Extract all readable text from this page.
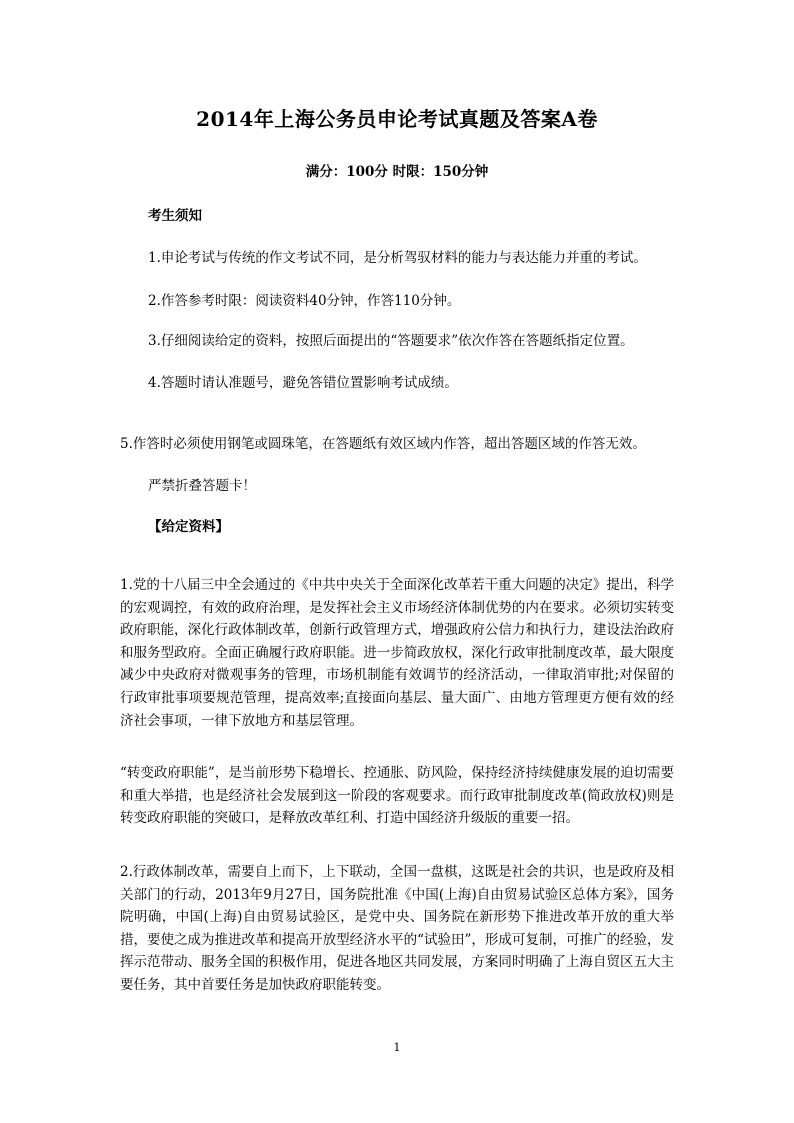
2014年上海公务员申论考试真题及答案A卷
满分：100分 时限：150分钟
考生须知
1.申论考试与传统的作文考试不同，是分析驾驭材料的能力与表达能力并重的考试。
2.作答参考时限：阅读资料40分钟，作答110分钟。
3.仔细阅读给定的资料，按照后面提出的“答题要求”依次作答在答题纸指定位置。
4.答题时请认准题号，避免答错位置影响考试成绩。
5.作答时必须使用钢笔或圆珠笔，在答题纸有效区域内作答，超出答题区域的作答无效。
严禁折叠答题卡！
【给定资料】
1.党的十八届三中全会通过的《中共中央关于全面深化改革若干重大问题的决定》提出，科学的宏观调控，有效的政府治理，是发挥社会主义市场经济体制优势的内在要求。必须切实转变政府职能，深化行政体制改革，创新行政管理方式，增强政府公信力和执行力，建设法治政府和服务型政府。全面正确履行政府职能。进一步简政放权，深化行政审批制度改革，最大限度减少中央政府对微观事务的管理，市场机制能有效调节的经济活动，一律取消审批;对保留的行政审批事项要规范管理，提高效率;直接面向基层、量大面广、由地方管理更方便有效的经济社会事项，一律下放地方和基层管理。
“转变政府职能”，是当前形势下稳增长、控通胀、防风险，保持经济持续健康发展的迫切需要和重大举措，也是经济社会发展到这一阶段的客观要求。而行政审批制度改革(简政放权)则是转变政府职能的突破口，是释放改革红利、打造中国经济升级版的重要一招。
2.行政体制改革，需要自上而下，上下联动，全国一盘棋，这既是社会的共识，也是政府及相关部门的行动，2013年9月27日，国务院批准《中国(上海)自由贸易试验区总体方案》，国务院明确，中国(上海)自由贸易试验区，是党中央、国务院在新形势下推进改革开放的重大举措，要使之成为推进改革和提高开放型经济水平的“试验田”，形成可复制，可推广的经验，发挥示范带动、服务全国的积极作用，促进各地区共同发展，方案同时明确了上海自贸区五大主要任务，其中首要任务是加快政府职能转变。
1
